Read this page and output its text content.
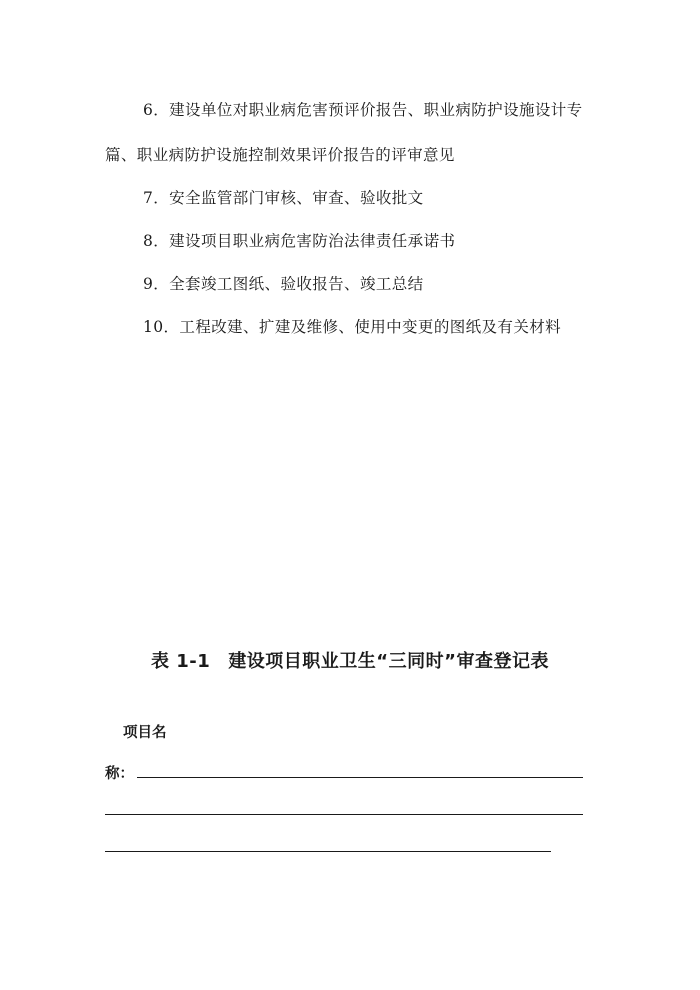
6．建设单位对职业病危害预评价报告、职业病防护设施设计专
篇、职业病防护设施控制效果评价报告的评审意见
7．安全监管部门审核、审查、验收批文
8．建设项目职业病危害防治法律责任承诺书
9．全套竣工图纸、验收报告、竣工总结
10．工程改建、扩建及维修、使用中变更的图纸及有关材料
表 1-1 建设项目职业卫生“三同时”审查登记表
项目名
称：
